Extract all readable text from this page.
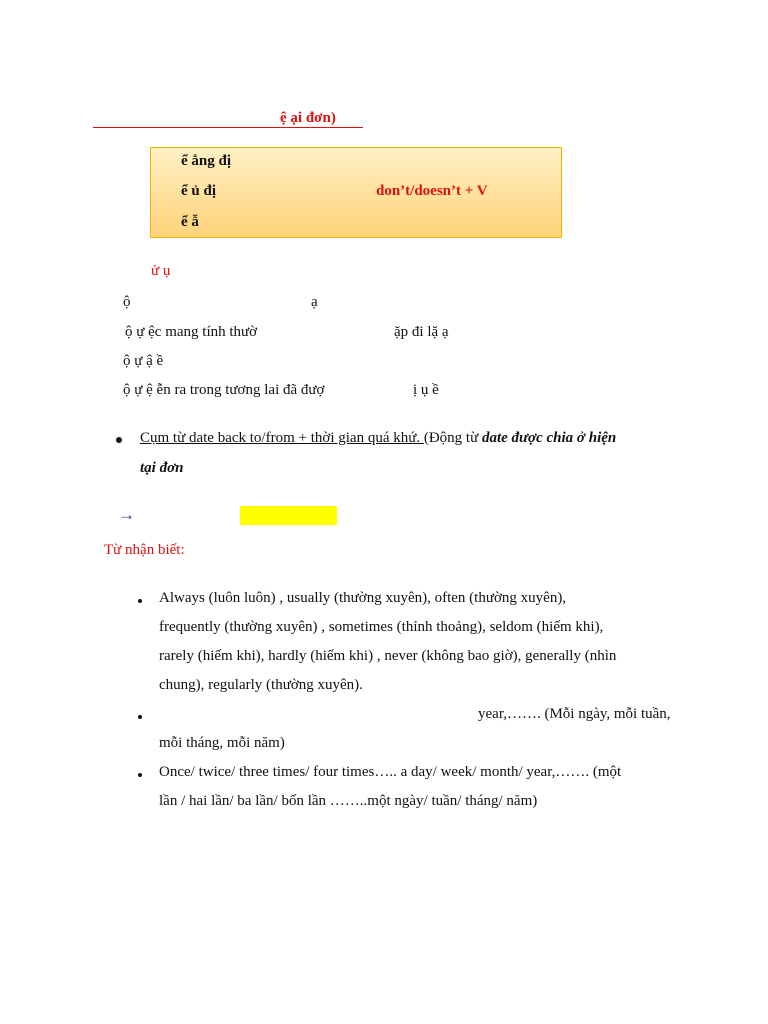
ệ ại đơn)
ể ẳng đị
ể ủ đị	don’t/doesn’t + V
ể ẫ
ử ụ
ộ	ạ
ộ ự ệc mang tính thườ	ặp đi lặ ạ
ộ ự ậ ề
ộ ự ệ ễn ra trong tương lai đã đượ	ị ụ ề
Cụm từ date back to/from + thời gian quá khứ. (Động từ date được chia ở hiện
tại đơn
→
Từ nhận biết:
Always (luôn luôn) , usually (thường xuyên), often (thường xuyên),
frequently (thường xuyên) , sometimes (thỉnh thoảng), seldom (hiếm khi),
rarely (hiếm khi), hardly (hiếm khi) , never (không bao giờ), generally (nhìn
chung), regularly (thường xuyên).
year,……. (Mỗi ngày, mỗi tuần,
mỗi tháng, mỗi năm)
Once/ twice/ three times/ four times….. a day/ week/ month/ year,……. (một
lần / hai lần/ ba lần/ bốn lần ……..một ngày/ tuần/ tháng/ năm)
